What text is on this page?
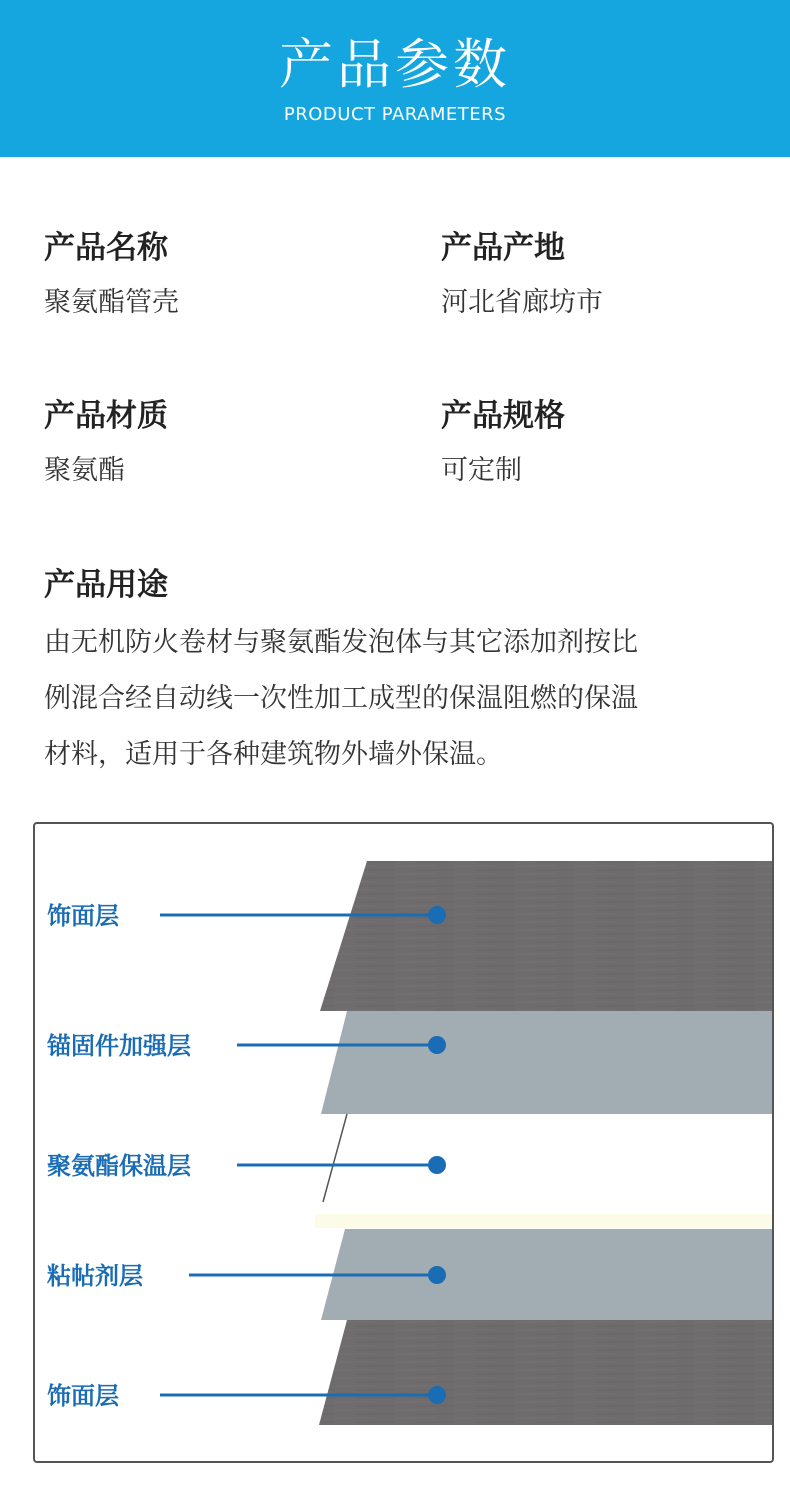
产品参数
PRODUCT PARAMETERS
产品名称
聚氨酯管壳
产品产地
河北省廊坊市
产品材质
聚氨酯
产品规格
可定制
产品用途
由无机防火卷材与聚氨酯发泡体与其它添加剂按比
例混合经自动线一次性加工成型的保温阻燃的保温
材料，适用于各种建筑物外墙外保温。
饰面层
锚固件加强层
聚氨酯保温层
粘帖剂层
饰面层
